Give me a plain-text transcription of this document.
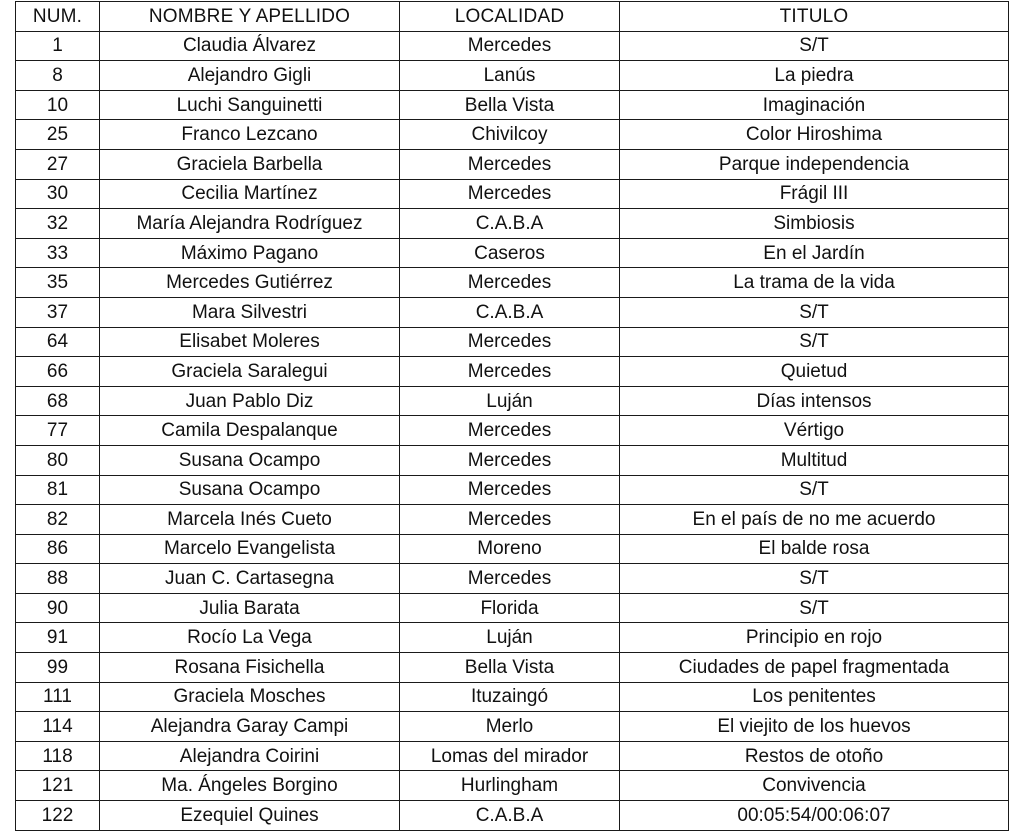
NUM.	NOMBRE Y APELLIDO	LOCALIDAD	TITULO
1	Claudia Álvarez	Mercedes	S/T
8	Alejandro Gigli	Lanús	La piedra
10	Luchi Sanguinetti	Bella Vista	Imaginación
25	Franco Lezcano	Chivilcoy	Color Hiroshima
27	Graciela Barbella	Mercedes	Parque independencia
30	Cecilia Martínez	Mercedes	Frágil III
32	María Alejandra Rodríguez	C.A.B.A	Simbiosis
33	Máximo Pagano	Caseros	En el Jardín
35	Mercedes Gutiérrez	Mercedes	La trama de la vida
37	Mara Silvestri	C.A.B.A	S/T
64	Elisabet Moleres	Mercedes	S/T
66	Graciela Saralegui	Mercedes	Quietud
68	Juan Pablo Diz	Luján	Días intensos
77	Camila Despalanque	Mercedes	Vértigo
80	Susana Ocampo	Mercedes	Multitud
81	Susana Ocampo	Mercedes	S/T
82	Marcela Inés Cueto	Mercedes	En el país de no me acuerdo
86	Marcelo Evangelista	Moreno	El balde rosa
88	Juan C. Cartasegna	Mercedes	S/T
90	Julia Barata	Florida	S/T
91	Rocío La Vega	Luján	Principio en rojo
99	Rosana Fisichella	Bella Vista	Ciudades de papel fragmentada
111	Graciela Mosches	Ituzaingó	Los penitentes
114	Alejandra Garay Campi	Merlo	El viejito de los huevos
118	Alejandra Coirini	Lomas del mirador	Restos de otoño
121	Ma. Ángeles Borgino	Hurlingham	Convivencia
122	Ezequiel Quines	C.A.B.A	00:05:54/00:06:07
